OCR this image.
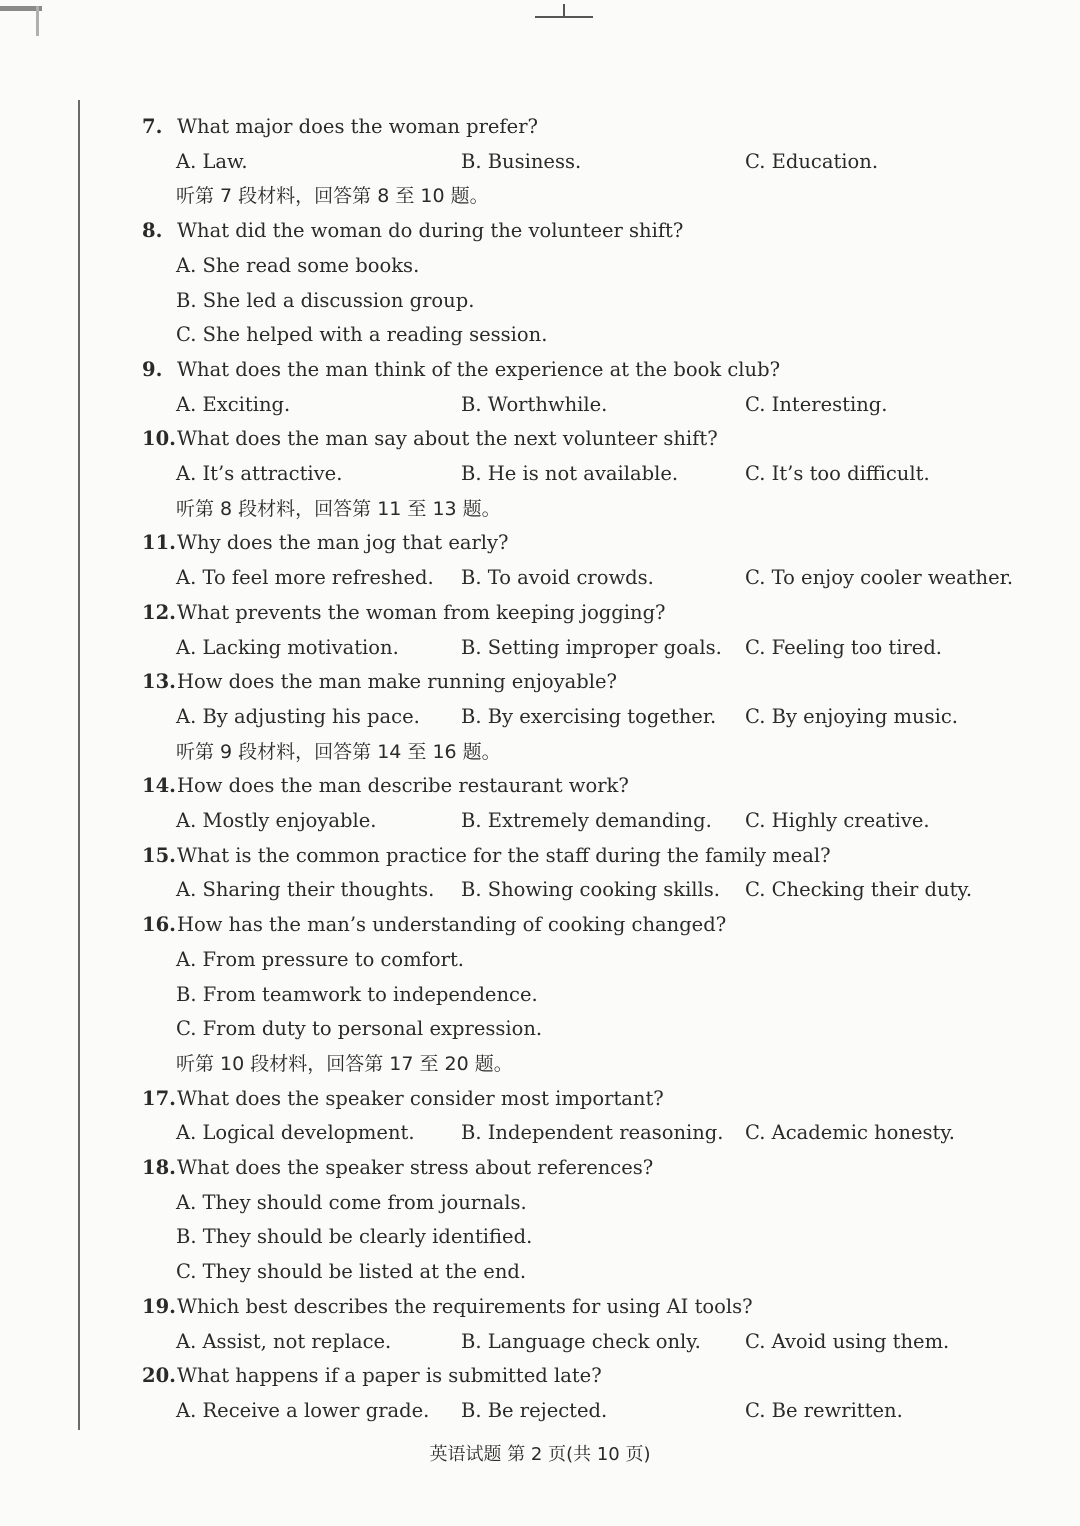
7. What major does the woman prefer?
A. Law.	B. Business.	C. Education.
听第 7 段材料，回答第 8 至 10 题。
8. What did the woman do during the volunteer shift?
A. She read some books.
B. She led a discussion group.
C. She helped with a reading session.
9. What does the man think of the experience at the book club?
A. Exciting.	B. Worthwhile.	C. Interesting.
10. What does the man say about the next volunteer shift?
A. It’s attractive.	B. He is not available.	C. It’s too difficult.
听第 8 段材料，回答第 11 至 13 题。
11. Why does the man jog that early?
A. To feel more refreshed. B. To avoid crowds.	C. To enjoy cooler weather.
12. What prevents the woman from keeping jogging?
A. Lacking motivation.	B. Setting improper goals. C. Feeling too tired.
13. How does the man make running enjoyable?
A. By adjusting his pace. B. By exercising together. C. By enjoying music.
听第 9 段材料，回答第 14 至 16 题。
14. How does the man describe restaurant work?
A. Mostly enjoyable.	B. Extremely demanding. C. Highly creative.
15. What is the common practice for the staff during the family meal?
A. Sharing their thoughts. B. Showing cooking skills. C. Checking their duty.
16. How has the man’s understanding of cooking changed?
A. From pressure to comfort.
B. From teamwork to independence.
C. From duty to personal expression.
听第 10 段材料，回答第 17 至 20 题。
17. What does the speaker consider most important?
A. Logical development. B. Independent reasoning. C. Academic honesty.
18. What does the speaker stress about references?
A. They should come from journals.
B. They should be clearly identified.
C. They should be listed at the end.
19. Which best describes the requirements for using AI tools?
A. Assist, not replace.	B. Language check only. C. Avoid using them.
20. What happens if a paper is submitted late?
A. Receive a lower grade. B. Be rejected.	C. Be rewritten.
英语试题 第 2 页(共 10 页)
